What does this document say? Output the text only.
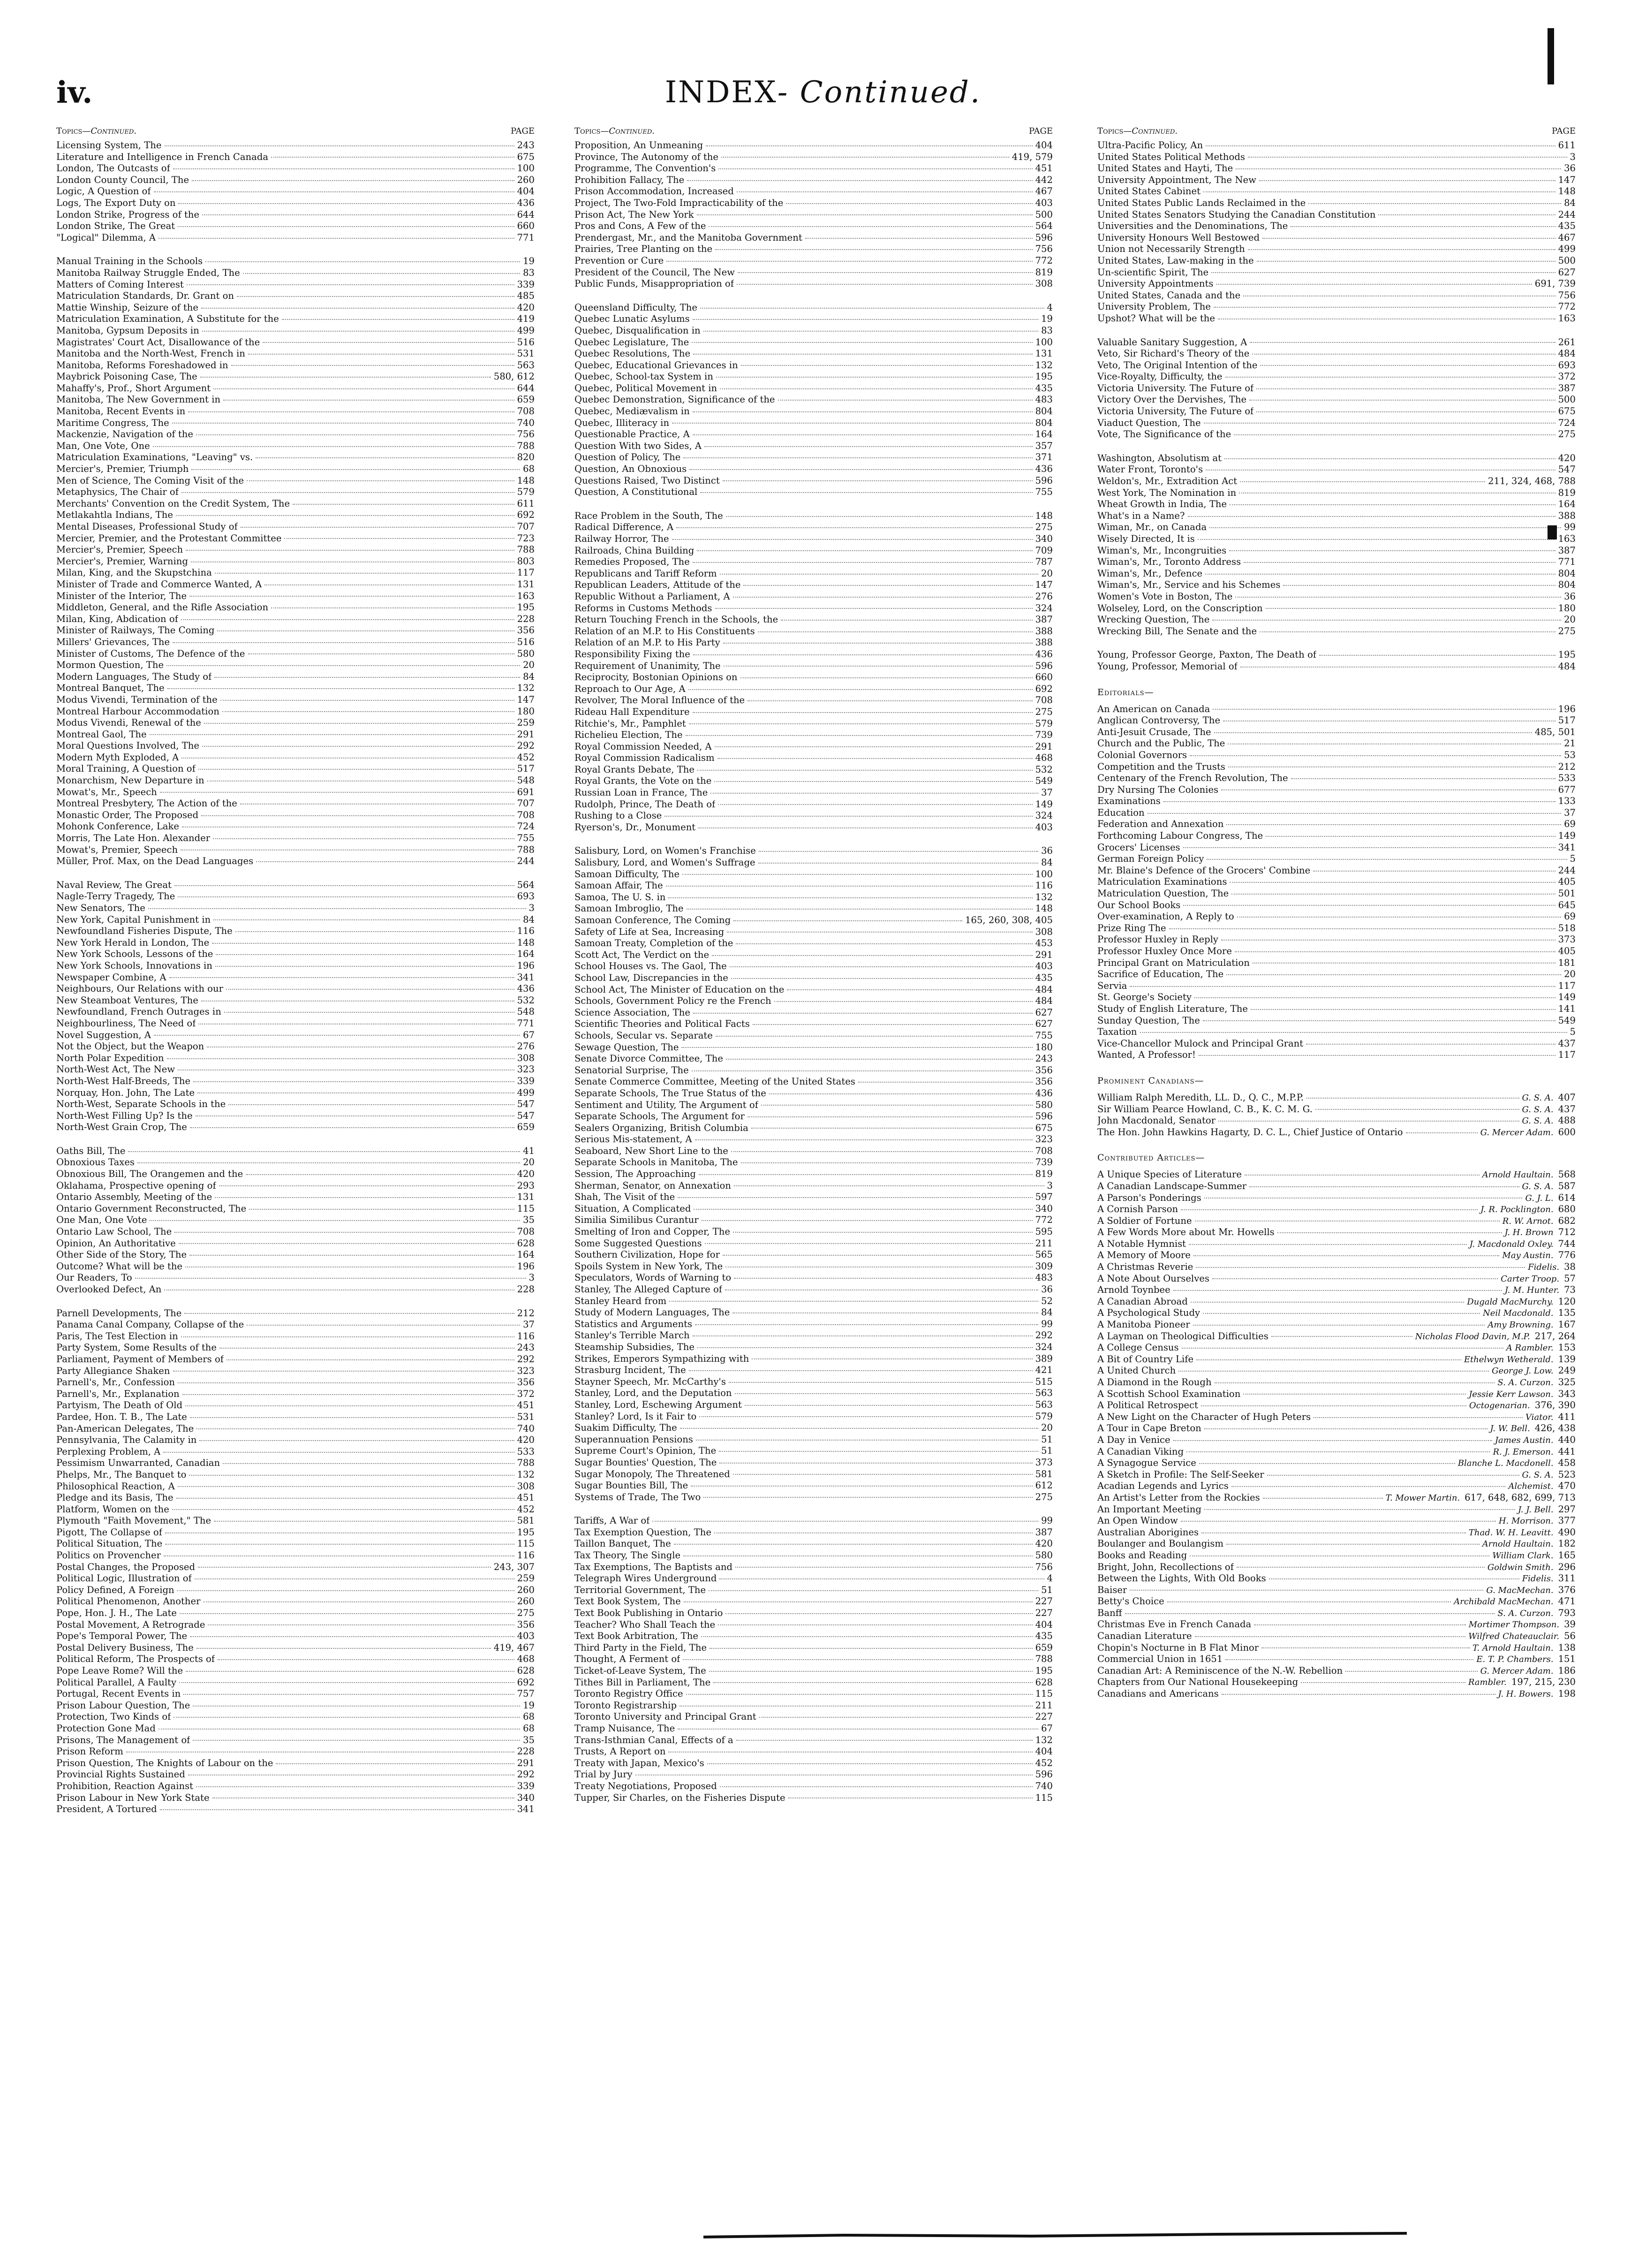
iv.	INDEX- Continued.
Topics—Continued.	PAGE
Licensing System, The	243
Literature and Intelligence in French Canada	675
London, The Outcasts of	100
London County Council, The	260
Logic, A Question of	404
Logs, The Export Duty on	436
London Strike, Progress of the	644
London Strike, The Great	660
"Logical" Dilemma, A	771
Manual Training in the Schools	19
Manitoba Railway Struggle Ended, The	83
Matters of Coming Interest	339
Matriculation Standards, Dr. Grant on	485
Mattie Winship, Seizure of the	420
Matriculation Examination, A Substitute for the	419
Manitoba, Gypsum Deposits in	499
Magistrates' Court Act, Disallowance of the	516
Manitoba and the North-West, French in	531
Manitoba, Reforms Foreshadowed in	563
Maybrick Poisoning Case, The	580, 612
Mahaffy's, Prof., Short Argument	644
Manitoba, The New Government in	659
Manitoba, Recent Events in	708
Maritime Congress, The	740
Mackenzie, Navigation of the	756
Man, One Vote, One	788
Matriculation Examinations, "Leaving" vs.	820
Mercier's, Premier, Triumph	68
Men of Science, The Coming Visit of the	148
Metaphysics, The Chair of	579
Merchants' Convention on the Credit System, The	611
Metlakahtla Indians, The	692
Mental Diseases, Professional Study of	707
Mercier, Premier, and the Protestant Committee	723
Mercier's, Premier, Speech	788
Mercier's, Premier, Warning	803
Milan, King, and the Skupstchina	117
Minister of Trade and Commerce Wanted, A	131
Minister of the Interior, The	163
Middleton, General, and the Rifle Association	195
Milan, King, Abdication of	228
Minister of Railways, The Coming	356
Millers' Grievances, The	516
Minister of Customs, The Defence of the	580
Mormon Question, The	20
Modern Languages, The Study of	84
Montreal Banquet, The	132
Modus Vivendi, Termination of the	147
Montreal Harbour Accommodation	180
Modus Vivendi, Renewal of the	259
Montreal Gaol, The	291
Moral Questions Involved, The	292
Modern Myth Exploded, A	452
Moral Training, A Question of	517
Monarchism, New Departure in	548
Mowat's, Mr., Speech	691
Montreal Presbytery, The Action of the	707
Monastic Order, The Proposed	708
Mohonk Conference, Lake	724
Morris, The Late Hon. Alexander	755
Mowat's, Premier, Speech	788
Müller, Prof. Max, on the Dead Languages	244
Naval Review, The Great	564
Nagle-Terry Tragedy, The	693
New Senators, The	3
New York, Capital Punishment in	84
Newfoundland Fisheries Dispute, The	116
New York Herald in London, The	148
New York Schools, Lessons of the	164
New York Schools, Innovations in	196
Newspaper Combine, A	341
Neighbours, Our Relations with our	436
New Steamboat Ventures, The	532
Newfoundland, French Outrages in	548
Neighbourliness, The Need of	771
Novel Suggestion, A	67
Not the Object, but the Weapon	276
North Polar Expedition	308
North-West Act, The New	323
North-West Half-Breeds, The	339
Norquay, Hon. John, The Late	499
North-West, Separate Schools in the	547
North-West Filling Up? Is the	547
North-West Grain Crop, The	659
Oaths Bill, The	41
Obnoxious Taxes	20
Obnoxious Bill, The Orangemen and the	420
Oklahama, Prospective opening of	293
Ontario Assembly, Meeting of the	131
Ontario Government Reconstructed, The	115
One Man, One Vote	35
Ontario Law School, The	708
Opinion, An Authoritative	628
Other Side of the Story, The	164
Outcome? What will be the	196
Our Readers, To	3
Overlooked Defect, An	228
Parnell Developments, The	212
Panama Canal Company, Collapse of the	37
Paris, The Test Election in	116
Party System, Some Results of the	243
Parliament, Payment of Members of	292
Party Allegiance Shaken	323
Parnell's, Mr., Confession	356
Parnell's, Mr., Explanation	372
Partyism, The Death of Old	451
Pardee, Hon. T. B., The Late	531
Pan-American Delegates, The	740
Pennsylvania, The Calamity in	420
Perplexing Problem, A	533
Pessimism Unwarranted, Canadian	788
Phelps, Mr., The Banquet to	132
Philosophical Reaction, A	308
Pledge and its Basis, The	451
Platform, Women on the	452
Plymouth "Faith Movement," The	581
Pigott, The Collapse of	195
Political Situation, The	115
Politics on Provencher	116
Postal Changes, the Proposed	243, 307
Political Logic, Illustration of	259
Policy Defined, A Foreign	260
Political Phenomenon, Another	260
Pope, Hon. J. H., The Late	275
Postal Movement, A Retrograde	356
Pope's Temporal Power, The	403
Postal Delivery Business, The	419, 467
Political Reform, The Prospects of	468
Pope Leave Rome? Will the	628
Political Parallel, A Faulty	692
Portugal, Recent Events in	757
Prison Labour Question, The	19
Protection, Two Kinds of	68
Protection Gone Mad	68
Prisons, The Management of	35
Prison Reform	228
Prison Question, The Knights of Labour on the	291
Provincial Rights Sustained	292
Prohibition, Reaction Against	339
Prison Labour in New York State	340
President, A Tortured	341
Topics—Continued.	PAGE
Proposition, An Unmeaning	404
Province, The Autonomy of the	419, 579
Programme, The Convention's	451
Prohibition Fallacy, The	442
Prison Accommodation, Increased	467
Project, The Two-Fold Impracticability of the	403
Prison Act, The New York	500
Pros and Cons, A Few of the	564
Prendergast, Mr., and the Manitoba Government	596
Prairies, Tree Planting on the	756
Prevention or Cure	772
President of the Council, The New	819
Public Funds, Misappropriation of	308
Queensland Difficulty, The	4
Quebec Lunatic Asylums	19
Quebec, Disqualification in	83
Quebec Legislature, The	100
Quebec Resolutions, The	131
Quebec, Educational Grievances in	132
Quebec, School-tax System in	195
Quebec, Political Movement in	435
Quebec Demonstration, Significance of the	483
Quebec, Mediævalism in	804
Quebec, Illiteracy in	804
Questionable Practice, A	164
Question With two Sides, A	357
Question of Policy, The	371
Question, An Obnoxious	436
Questions Raised, Two Distinct	596
Question, A Constitutional	755
Race Problem in the South, The	148
Radical Difference, A	275
Railway Horror, The	340
Railroads, China Building	709
Remedies Proposed, The	787
Republicans and Tariff Reform	20
Republican Leaders, Attitude of the	147
Republic Without a Parliament, A	276
Reforms in Customs Methods	324
Return Touching French in the Schools, the	387
Relation of an M.P. to His Constituents	388
Relation of an M.P. to His Party	388
Responsibility Fixing the	436
Requirement of Unanimity, The	596
Reciprocity, Bostonian Opinions on	660
Reproach to Our Age, A	692
Revolver, The Moral Influence of the	708
Rideau Hall Expenditure	275
Ritchie's, Mr., Pamphlet	579
Richelieu Election, The	739
Royal Commission Needed, A	291
Royal Commission Radicalism	468
Royal Grants Debate, The	532
Royal Grants, the Vote on the	549
Russian Loan in France, The	37
Rudolph, Prince, The Death of	149
Rushing to a Close	324
Ryerson's, Dr., Monument	403
Salisbury, Lord, on Women's Franchise	36
Salisbury, Lord, and Women's Suffrage	84
Samoan Difficulty, The	100
Samoan Affair, The	116
Samoa, The U. S. in	132
Samoan Imbroglio, The	148
Samoan Conference, The Coming	165, 260, 308, 405
Safety of Life at Sea, Increasing	308
Samoan Treaty, Completion of the	453
Scott Act, The Verdict on the	291
School Houses vs. The Gaol, The	403
School Law, Discrepancies in the	435
School Act, The Minister of Education on the	484
Schools, Government Policy re the French	484
Science Association, The	627
Scientific Theories and Political Facts	627
Schools, Secular vs. Separate	755
Sewage Question, The	180
Senate Divorce Committee, The	243
Senatorial Surprise, The	356
Senate Commerce Committee, Meeting of the United States	356
Separate Schools, The True Status of the	436
Sentiment and Utility, The Argument of	580
Separate Schools, The Argument for	596
Sealers Organizing, British Columbia	675
Serious Mis-statement, A	323
Seaboard, New Short Line to the	708
Separate Schools in Manitoba, The	739
Session, The Approaching	819
Sherman, Senator, on Annexation	3
Shah, The Visit of the	597
Situation, A Complicated	340
Similia Similibus Curantur	772
Smelting of Iron and Copper, The	595
Some Suggested Questions	211
Southern Civilization, Hope for	565
Spoils System in New York, The	309
Speculators, Words of Warning to	483
Stanley, The Alleged Capture of	36
Stanley Heard from	52
Study of Modern Languages, The	84
Statistics and Arguments	99
Stanley's Terrible March	292
Steamship Subsidies, The	324
Strikes, Emperors Sympathizing with	389
Strasburg Incident, The	421
Stayner Speech, Mr. McCarthy's	515
Stanley, Lord, and the Deputation	563
Stanley, Lord, Eschewing Argument	563
Stanley? Lord, Is it Fair to	579
Suakim Difficulty, The	20
Superannuation Pensions	51
Supreme Court's Opinion, The	51
Sugar Bounties' Question, The	373
Sugar Monopoly, The Threatened	581
Sugar Bounties Bill, The	612
Systems of Trade, The Two	275
Tariffs, A War of	99
Tax Exemption Question, The	387
Taillon Banquet, The	420
Tax Theory, The Single	580
Tax Exemptions, The Baptists and	756
Telegraph Wires Underground	4
Territorial Government, The	51
Text Book System, The	227
Text Book Publishing in Ontario	227
Teacher? Who Shall Teach the	404
Text Book Arbitration, The	435
Third Party in the Field, The	659
Thought, A Ferment of	788
Ticket-of-Leave System, The	195
Tithes Bill in Parliament, The	628
Toronto Registry Office	115
Toronto Registrarship	211
Toronto University and Principal Grant	227
Tramp Nuisance, The	67
Trans-Isthmian Canal, Effects of a	132
Trusts, A Report on	404
Treaty with Japan, Mexico's	452
Trial by Jury	596
Treaty Negotiations, Proposed	740
Tupper, Sir Charles, on the Fisheries Dispute	115
Topics—Continued.	PAGE
Ultra-Pacific Policy, An	611
United States Political Methods	3
United States and Hayti, The	36
University Appointment, The New	147
United States Cabinet	148
United States Public Lands Reclaimed in the	84
United States Senators Studying the Canadian Constitution	244
Universities and the Denominations, The	435
University Honours Well Bestowed	467
Union not Necessarily Strength	499
United States, Law-making in the	500
Un-scientific Spirit, The	627
University Appointments	691, 739
United States, Canada and the	756
University Problem, The	772
Upshot? What will be the	163
Valuable Sanitary Suggestion, A	261
Veto, Sir Richard's Theory of the	484
Veto, The Original Intention of the	693
Vice-Royalty, Difficulty, the	372
Victoria University. The Future of	387
Victory Over the Dervishes, The	500
Victoria University, The Future of	675
Viaduct Question, The	724
Vote, The Significance of the	275
Washington, Absolutism at	420
Water Front, Toronto's	547
Weldon's, Mr., Extradition Act	211, 324, 468, 788
West York, The Nomination in	819
Wheat Growth in India, The	164
What's in a Name?	388
Wiman, Mr., on Canada	99
Wisely Directed, It is	163
Wiman's, Mr., Incongruities	387
Wiman's, Mr., Toronto Address	771
Wiman's, Mr., Defence	804
Wiman's, Mr., Service and his Schemes	804
Women's Vote in Boston, The	36
Wolseley, Lord, on the Conscription	180
Wrecking Question, The	20
Wrecking Bill, The Senate and the	275
Young, Professor George, Paxton, The Death of	195
Young, Professor, Memorial of	484
Editorials—
An American on Canada	196
Anglican Controversy, The	517
Anti-Jesuit Crusade, The	485, 501
Church and the Public, The	21
Colonial Governors	53
Competition and the Trusts	212
Centenary of the French Revolution, The	533
Dry Nursing The Colonies	677
Examinations	133
Education	37
Federation and Annexation	69
Forthcoming Labour Congress, The	149
Grocers' Licenses	341
German Foreign Policy	5
Mr. Blaine's Defence of the Grocers' Combine	244
Matriculation Examinations	405
Matriculation Question, The	501
Our School Books	645
Over-examination, A Reply to	69
Prize Ring The	518
Professor Huxley in Reply	373
Professor Huxley Once More	405
Principal Grant on Matriculation	181
Sacrifice of Education, The	20
Servia	117
St. George's Society	149
Study of English Literature, The	141
Sunday Question, The	549
Taxation	5
Vice-Chancellor Mulock and Principal Grant	437
Wanted, A Professor!	117
Prominent Canadians—
William Ralph Meredith, LL. D., Q. C., M.P.P.	G. S. A. 407
Sir William Pearce Howland, C. B., K. C. M. G.	G. S. A. 437
John Macdonald, Senator	G. S. A. 488
The Hon. John Hawkins Hagarty, D. C. L., Chief Justice of Ontario	G. Mercer Adam. 600
Contributed Articles—
A Unique Species of Literature	Arnold Haultain. 568
A Canadian Landscape-Summer	G. S. A. 587
A Parson's Ponderings	G. J. L. 614
A Cornish Parson	J. R. Pocklington. 680
A Soldier of Fortune	R. W. Arnot. 682
A Few Words More about Mr. Howells	J. H. Brown 712
A Notable Hymnist	J. Macdonald Oxley. 744
A Memory of Moore	May Austin. 776
A Christmas Reverie	Fidelis. 38
A Note About Ourselves	Carter Troop. 57
Arnold Toynbee	J. M. Hunter. 73
A Canadian Abroad	Dugald MacMurchy. 120
A Psychological Study	Neil Macdonald. 135
A Manitoba Pioneer	Amy Browning. 167
A Layman on Theological Difficulties	Nicholas Flood Davin, M.P. 217, 264
A College Census	A Rambler. 153
A Bit of Country Life	Ethelwyn Wetherald. 139
A United Church	George J. Low. 249
A Diamond in the Rough	S. A. Curzon. 325
A Scottish School Examination	Jessie Kerr Lawson. 343
A Political Retrospect	Octogenarian. 376, 390
A New Light on the Character of Hugh Peters	Viator. 411
A Tour in Cape Breton	J. W. Bell. 426, 438
A Day in Venice	James Austin. 440
A Canadian Viking	R. J. Emerson. 441
A Synagogue Service	Blanche L. Macdonell. 458
A Sketch in Profile: The Self-Seeker	G. S. A. 523
Acadian Legends and Lyrics	Alchemist. 470
An Artist's Letter from the Rockies	T. Mower Martin. 617, 648, 682, 699, 713
An Important Meeting	J. J. Bell. 297
An Open Window	H. Morrison. 377
Australian Aborigines	Thad. W. H. Leavitt. 490
Boulanger and Boulangism	Arnold Haultain. 182
Books and Reading	William Clark. 165
Bright, John, Recollections of	Goldwin Smith. 296
Between the Lights, With Old Books	Fidelis. 311
Baiser	G. MacMechan. 376
Betty's Choice	Archibald MacMechan. 471
Banff	S. A. Curzon. 793
Christmas Eve in French Canada	Mortimer Thompson. 39
Canadian Literature	Wilfred Chateauclair. 56
Chopin's Nocturne in B Flat Minor	T. Arnold Haultain. 138
Commercial Union in 1651	E. T. P. Chambers. 151
Canadian Art: A Reminiscence of the N.-W. Rebellion	G. Mercer Adam. 186
Chapters from Our National Housekeeping	Rambler. 197, 215, 230
Canadians and Americans	J. H. Bowers. 198
